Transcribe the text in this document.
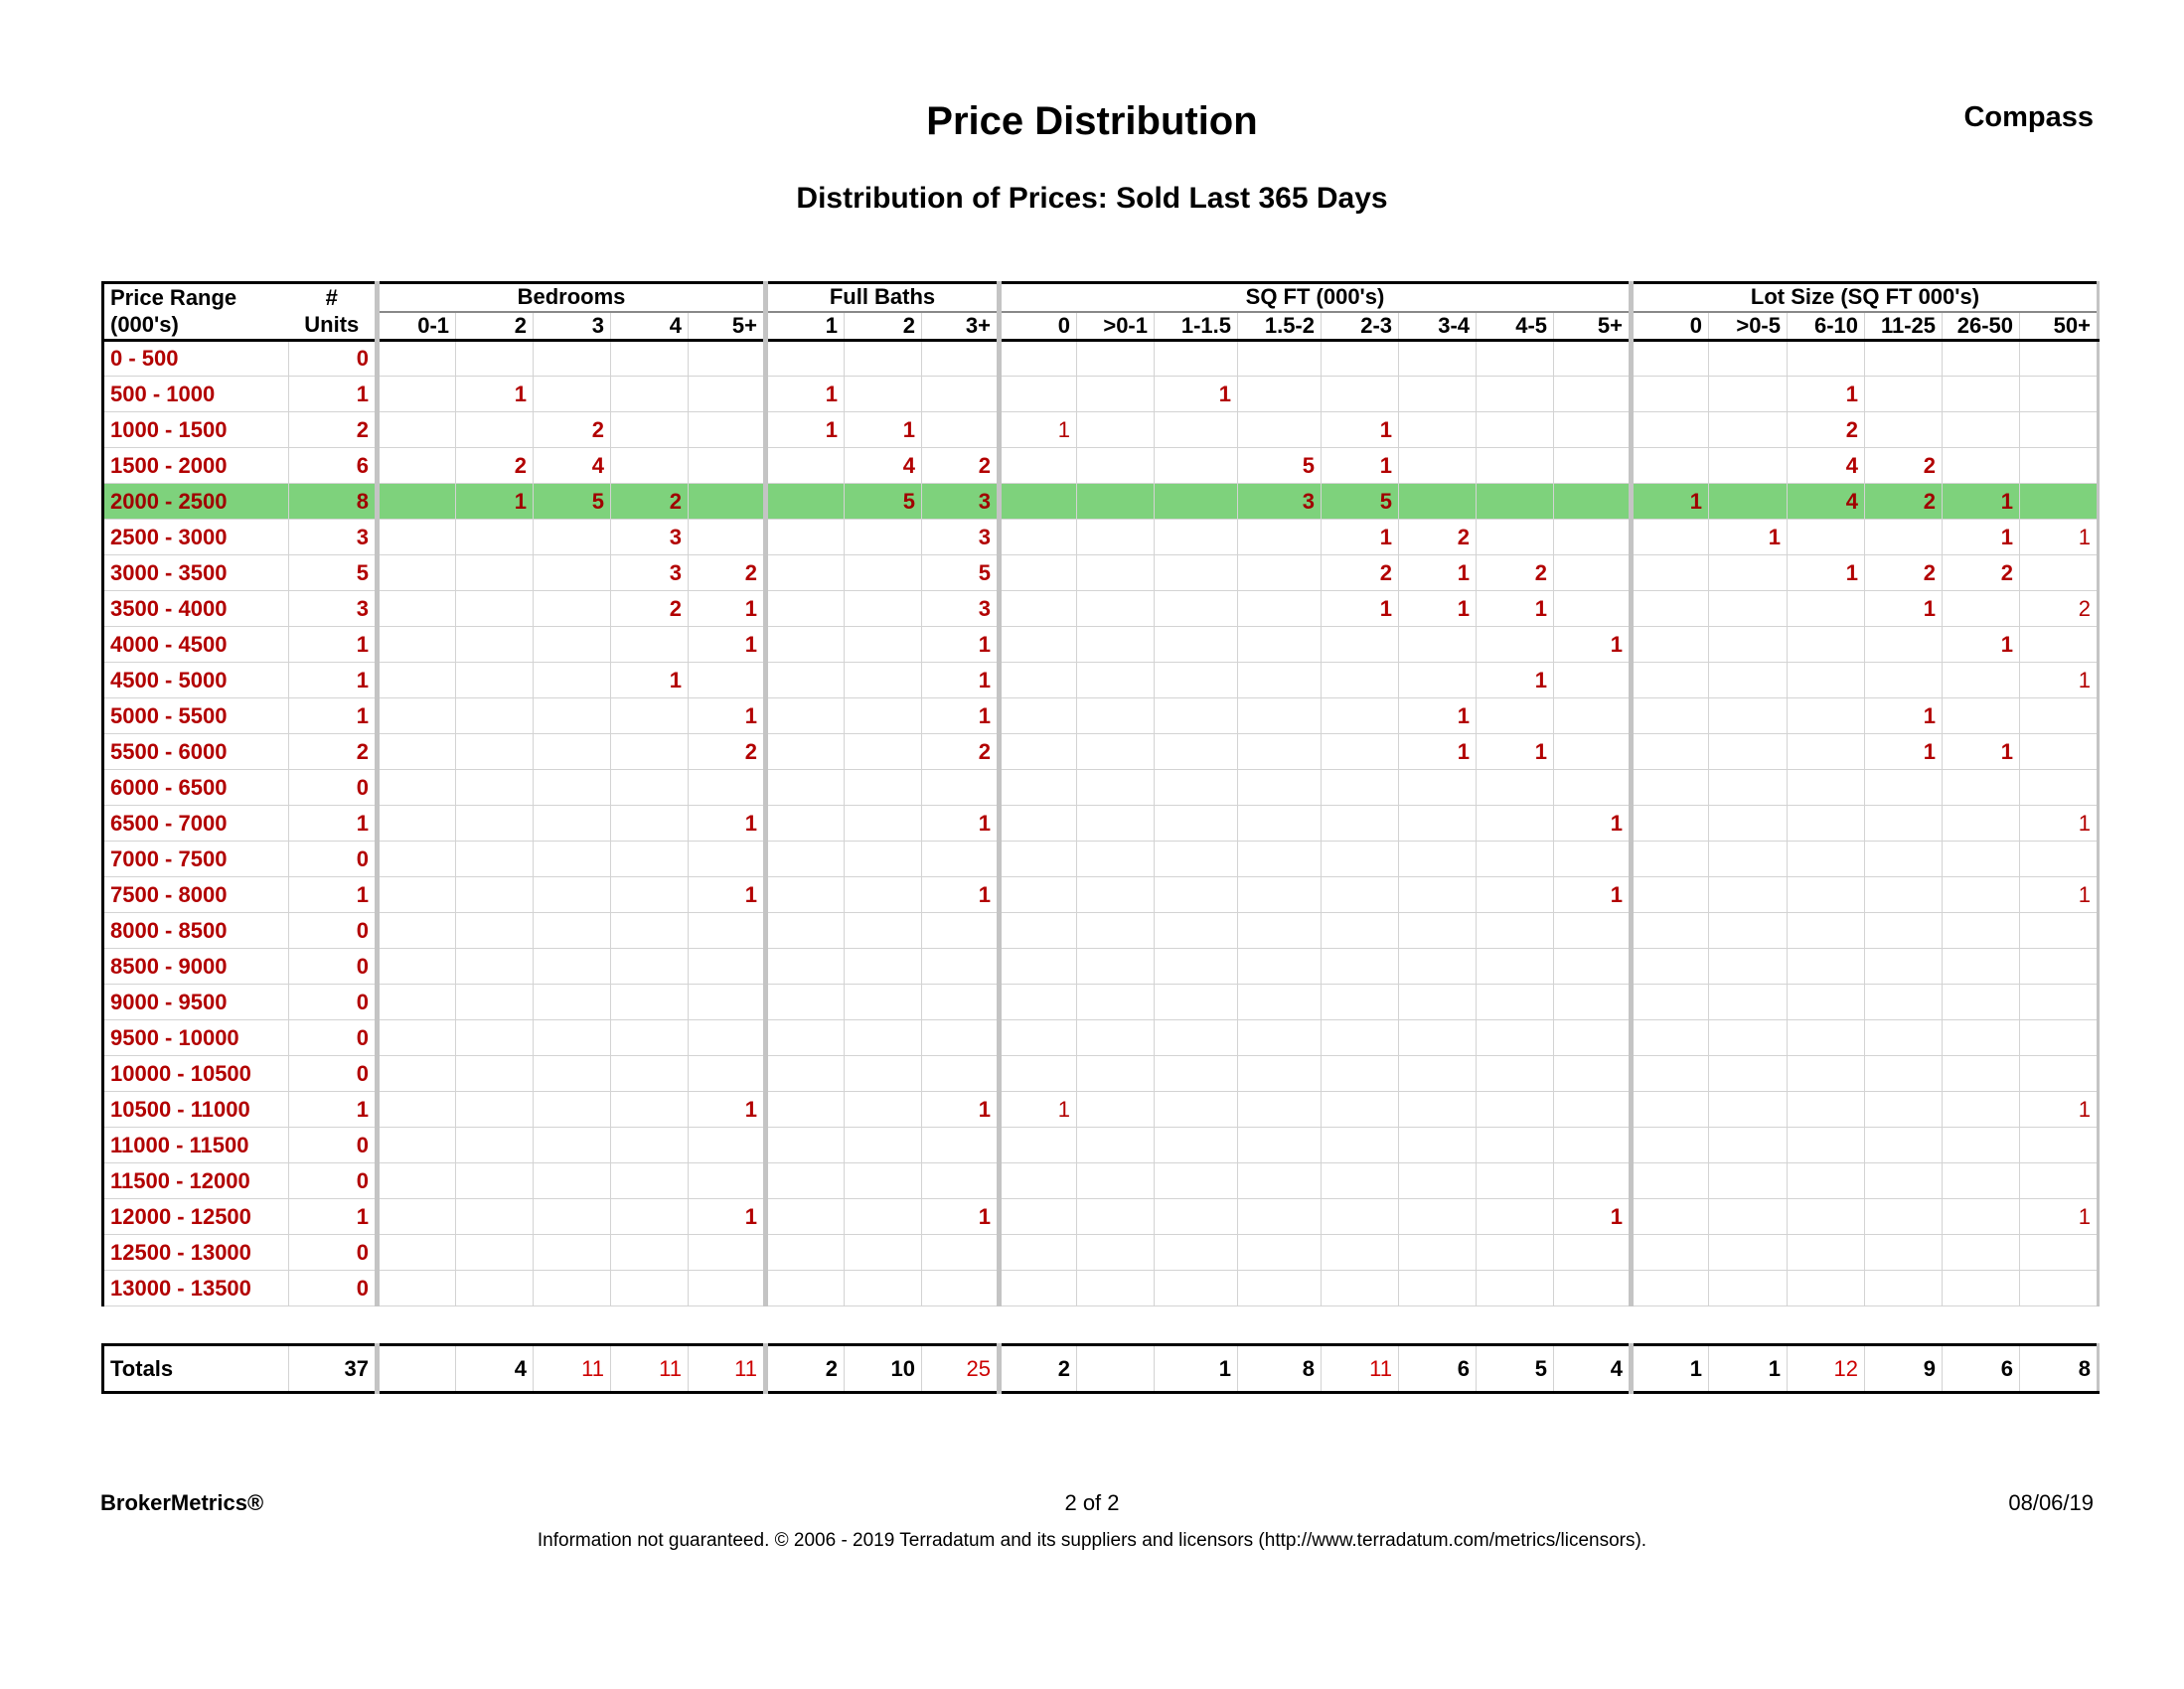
Price Distribution	Compass
Distribution of Prices: Sold Last 365 Days
Price Range	#	Bedrooms					Full Baths			SQ FT (000's)								Lot Size (SQ FT 000's)					
(000's)	Units	0-1	2	3	4	5+	1	2	3+	0	>0-1	1-1.5	1.5-2	2-3	3-4	4-5	5+	0	>0-5	6-10	11-25	26-50	50+
0 - 500	0																						
500 - 1000	1		1				1					1								1			
1000 - 1500	2			2			1	1		1				1						2			
1500 - 2000	6		2	4				4	2				5	1						4	2		
2000 - 2500	8		1	5	2			5	3				3	5				1		4	2	1	
2500 - 3000	3				3				3					1	2				1			1	1
3000 - 3500	5				3	2			5					2	1	2				1	2	2	
3500 - 4000	3				2	1			3					1	1	1					1		2
4000 - 4500	1					1			1								1					1	
4500 - 5000	1				1				1							1							1
5000 - 5500	1					1			1						1						1		
5500 - 6000	2					2			2						1	1					1	1	
6000 - 6500	0																						
6500 - 7000	1					1			1								1						1
7000 - 7500	0																						
7500 - 8000	1					1			1								1						1
8000 - 8500	0																						
8500 - 9000	0																						
9000 - 9500	0																						
9500 - 10000	0																						
10000 - 10500	0																						
10500 - 11000	1					1			1	1													1
11000 - 11500	0																						
11500 - 12000	0																						
12000 - 12500	1					1			1								1						1
12500 - 13000	0																						
13000 - 13500	0																						
Totals	37		4	11	11	11	2	10	25	2		1	8	11	6	5	4	1	1	12	9	6	8
BrokerMetrics®	2 of 2	08/06/19
Information not guaranteed. © 2006 - 2019 Terradatum and its suppliers and licensors (http://www.terradatum.com/metrics/licensors).
